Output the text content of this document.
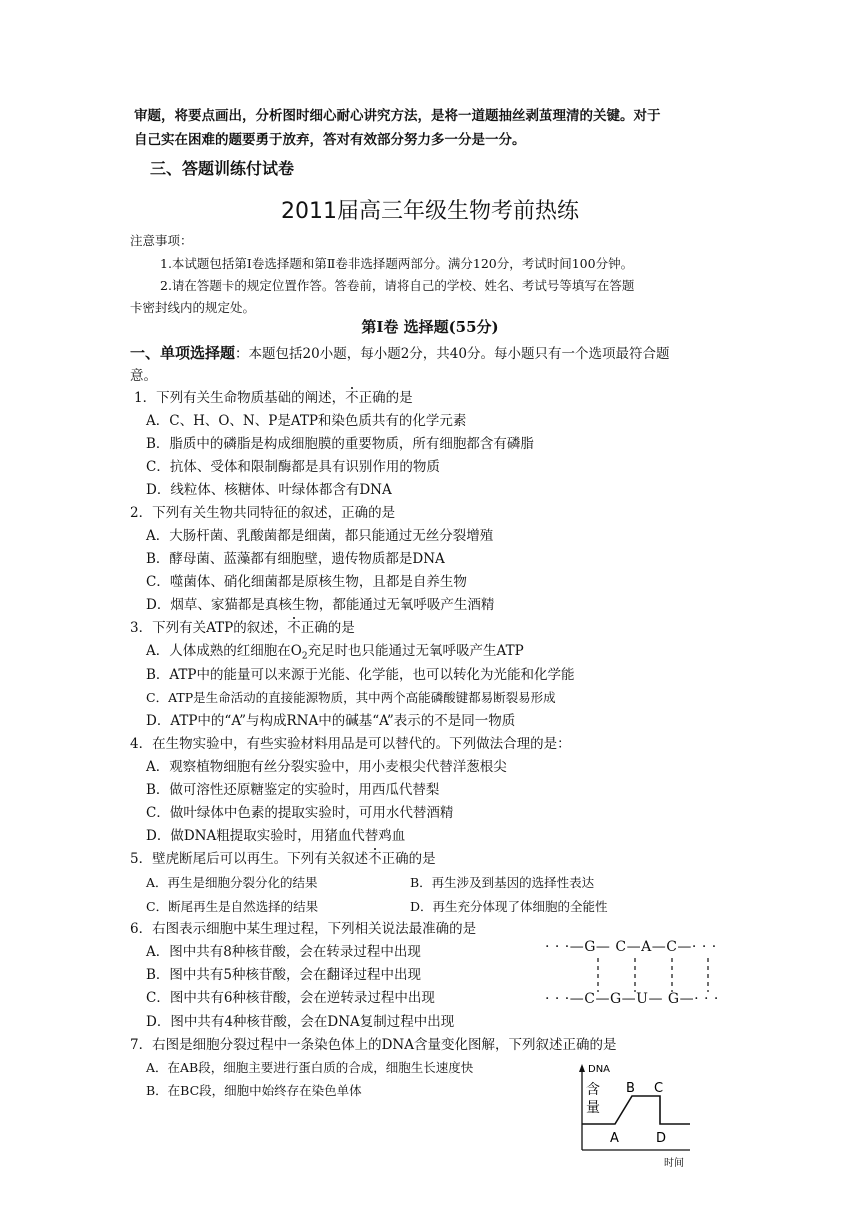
审题，将要点画出，分析图时细心耐心讲究方法，是将一道题抽丝剥茧理清的关键。对于
自己实在困难的题要勇于放弃，答对有效部分努力多一分是一分。
三、答题训练付试卷
2011届高三年级生物考前热练
注意事项：
1.本试题包括第Ⅰ卷选择题和第Ⅱ卷非选择题两部分。满分120分，考试时间100分钟。
2.请在答题卡的规定位置作答。答卷前，请将自己的学校、姓名、考试号等填写在答题
卡密封线内的规定处。
第Ⅰ卷 选择题(55分)
一、单项选择题：本题包括20小题，每小题2分，共40分。每小题只有一个选项最符合题
意。
1．下列有关生命物质基础的阐述，不正确的是
A．C、H、O、N、P是ATP和染色质共有的化学元素
B．脂质中的磷脂是构成细胞膜的重要物质，所有细胞都含有磷脂
C．抗体、受体和限制酶都是具有识别作用的物质
D．线粒体、核糖体、叶绿体都含有DNA
2．下列有关生物共同特征的叙述，正确的是
A．大肠杆菌、乳酸菌都是细菌，都只能通过无丝分裂增殖
B．酵母菌、蓝藻都有细胞壁，遗传物质都是DNA
C．噬菌体、硝化细菌都是原核生物，且都是自养生物
D．烟草、家猫都是真核生物，都能通过无氧呼吸产生酒精
3．下列有关ATP的叙述，不正确的是
A．人体成熟的红细胞在$O_2$充足时也只能通过无氧呼吸产生ATP
B．ATP中的能量可以来源于光能、化学能，也可以转化为光能和化学能
C．ATP是生命活动的直接能源物质，其中两个高能磷酸键都易断裂易形成
D．ATP中的“A”与构成RNA中的碱基“A”表示的不是同一物质
4．在生物实验中，有些实验材料用品是可以替代的。下列做法合理的是：
A．观察植物细胞有丝分裂实验中，用小麦根尖代替洋葱根尖
B．做可溶性还原糖鉴定的实验时，用西瓜代替梨
C．做叶绿体中色素的提取实验时，可用水代替酒精
D．做DNA粗提取实验时，用猪血代替鸡血
5．壁虎断尾后可以再生。下列有关叙述不正确的是
A．再生是细胞分裂分化的结果	B．再生涉及到基因的选择性表达
C．断尾再生是自然选择的结果	D．再生充分体现了体细胞的全能性
6．右图表示细胞中某生理过程，下列相关说法最准确的是
A．图中共有8种核苷酸，会在转录过程中出现
B．图中共有5种核苷酸，会在翻译过程中出现
C．图中共有6种核苷酸，会在逆转录过程中出现
D．图中共有4种核苷酸，会在DNA复制过程中出现
· · ·—G— C—A—C—· · ·
· · ·—C—G—U— G—· · ·
7．右图是细胞分裂过程中一条染色体上的DNA含量变化图解，下列叙述正确的是
A．在AB段，细胞主要进行蛋白质的合成，细胞生长速度快
B．在BC段，细胞中始终存在染色单体
DNA
含
量
A
B C
D
时间
